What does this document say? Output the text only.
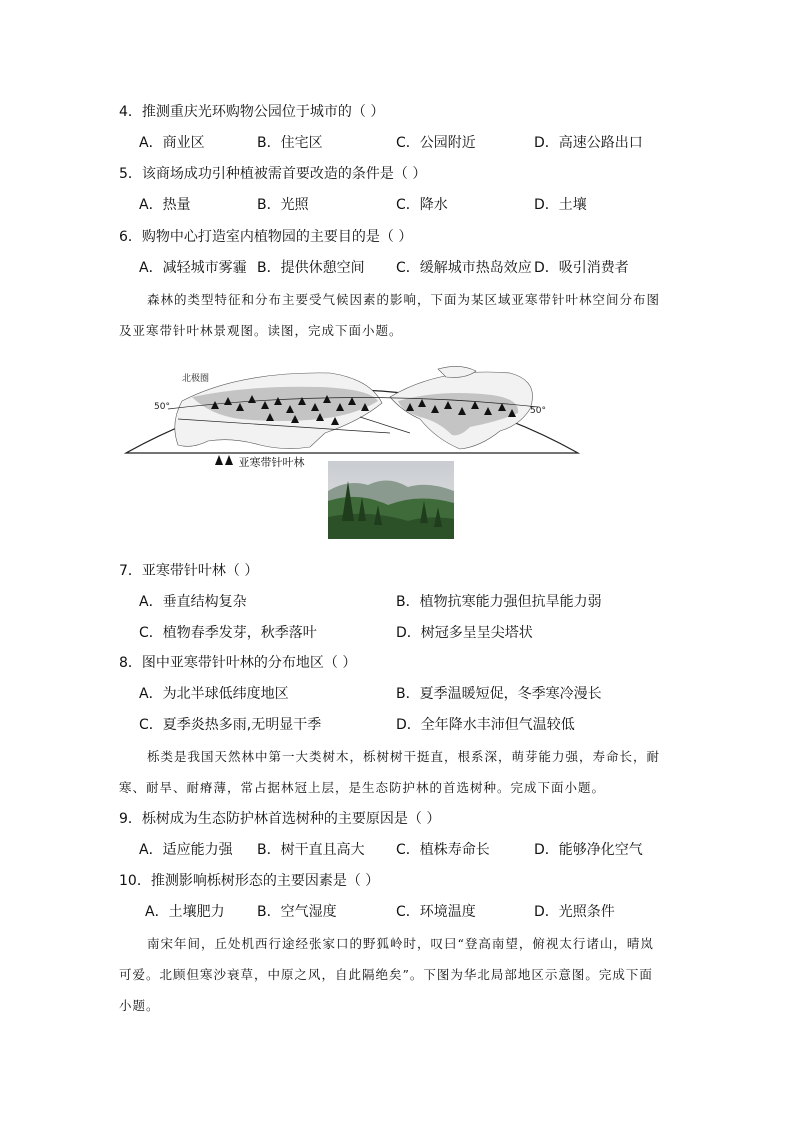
4．推测重庆光环购物公园位于城市的（ ）
A．商业区	B．住宅区	C．公园附近	D．高速公路出口
5．该商场成功引种植被需首要改造的条件是（ ）
A．热量	B．光照	C．降水	D．土壤
6．购物中心打造室内植物园的主要目的是（ ）
A．减轻城市雾霾 B．提供休憩空间 C．缓解城市热岛效应 D．吸引消费者
森林的类型特征和分布主要受气候因素的影响，下面为某区域亚寒带针叶林空间分布图
及亚寒带针叶林景观图。读图，完成下面小题。
北极圈
50°	50°
亚寒带针叶林
7．亚寒带针叶林（ ）
A．垂直结构复杂	B．植物抗寒能力强但抗旱能力弱
C．植物春季发芽，秋季落叶	D．树冠多呈呈尖塔状
8．图中亚寒带针叶林的分布地区（ ）
A．为北半球低纬度地区	B．夏季温暖短促，冬季寒冷漫长
C．夏季炎热多雨,无明显干季	D．全年降水丰沛但气温较低
栎类是我国天然林中第一大类树木，栎树树干挺直，根系深，萌芽能力强，寿命长，耐
寒、耐旱、耐瘠薄，常占据林冠上层，是生态防护林的首选树种。完成下面小题。
9．栎树成为生态防护林首选树种的主要原因是（ ）
A．适应能力强 B．树干直且高大 C．植株寿命长	D．能够净化空气
10．推测影响栎树形态的主要因素是（ ）
A．土壤肥力 B．空气湿度	C．环境温度	D．光照条件
南宋年间，丘处机西行途经张家口的野狐岭时，叹曰“登高南望，俯视太行诸山，晴岚
可爱。北顾但寒沙衰草，中原之风，自此隔绝矣”。下图为华北局部地区示意图。完成下面
小题。
